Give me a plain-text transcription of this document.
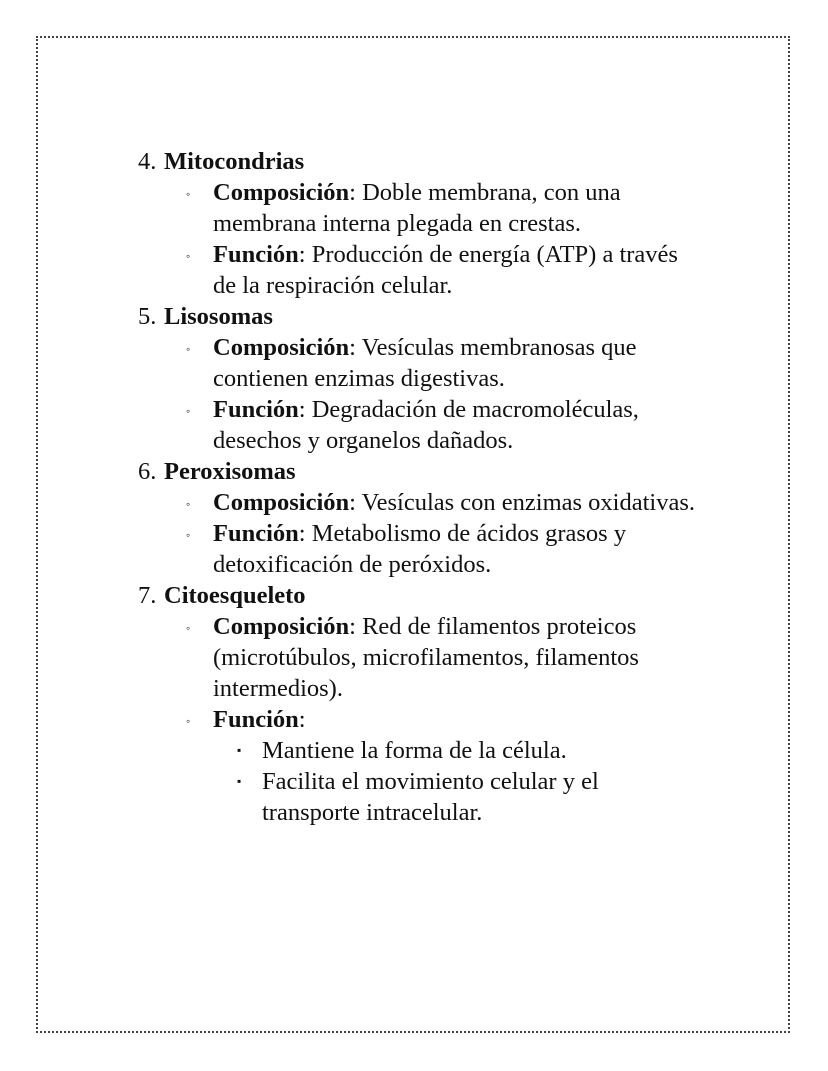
4. Mitocondrias
◦ Composición: Doble membrana, con una membrana interna plegada en crestas.
◦ Función: Producción de energía (ATP) a través de la respiración celular.
5. Lisosomas
◦ Composición: Vesículas membranosas que contienen enzimas digestivas.
◦ Función: Degradación de macromoléculas, desechos y organelos dañados.
6. Peroxisomas
◦ Composición: Vesículas con enzimas oxidativas.
◦ Función: Metabolismo de ácidos grasos y detoxificación de peróxidos.
7. Citoesqueleto
◦ Composición: Red de filamentos proteicos (microtúbulos, microfilamentos, filamentos intermedios).
◦ Función:
▪ Mantiene la forma de la célula.
▪ Facilita el movimiento celular y el transporte intracelular.
